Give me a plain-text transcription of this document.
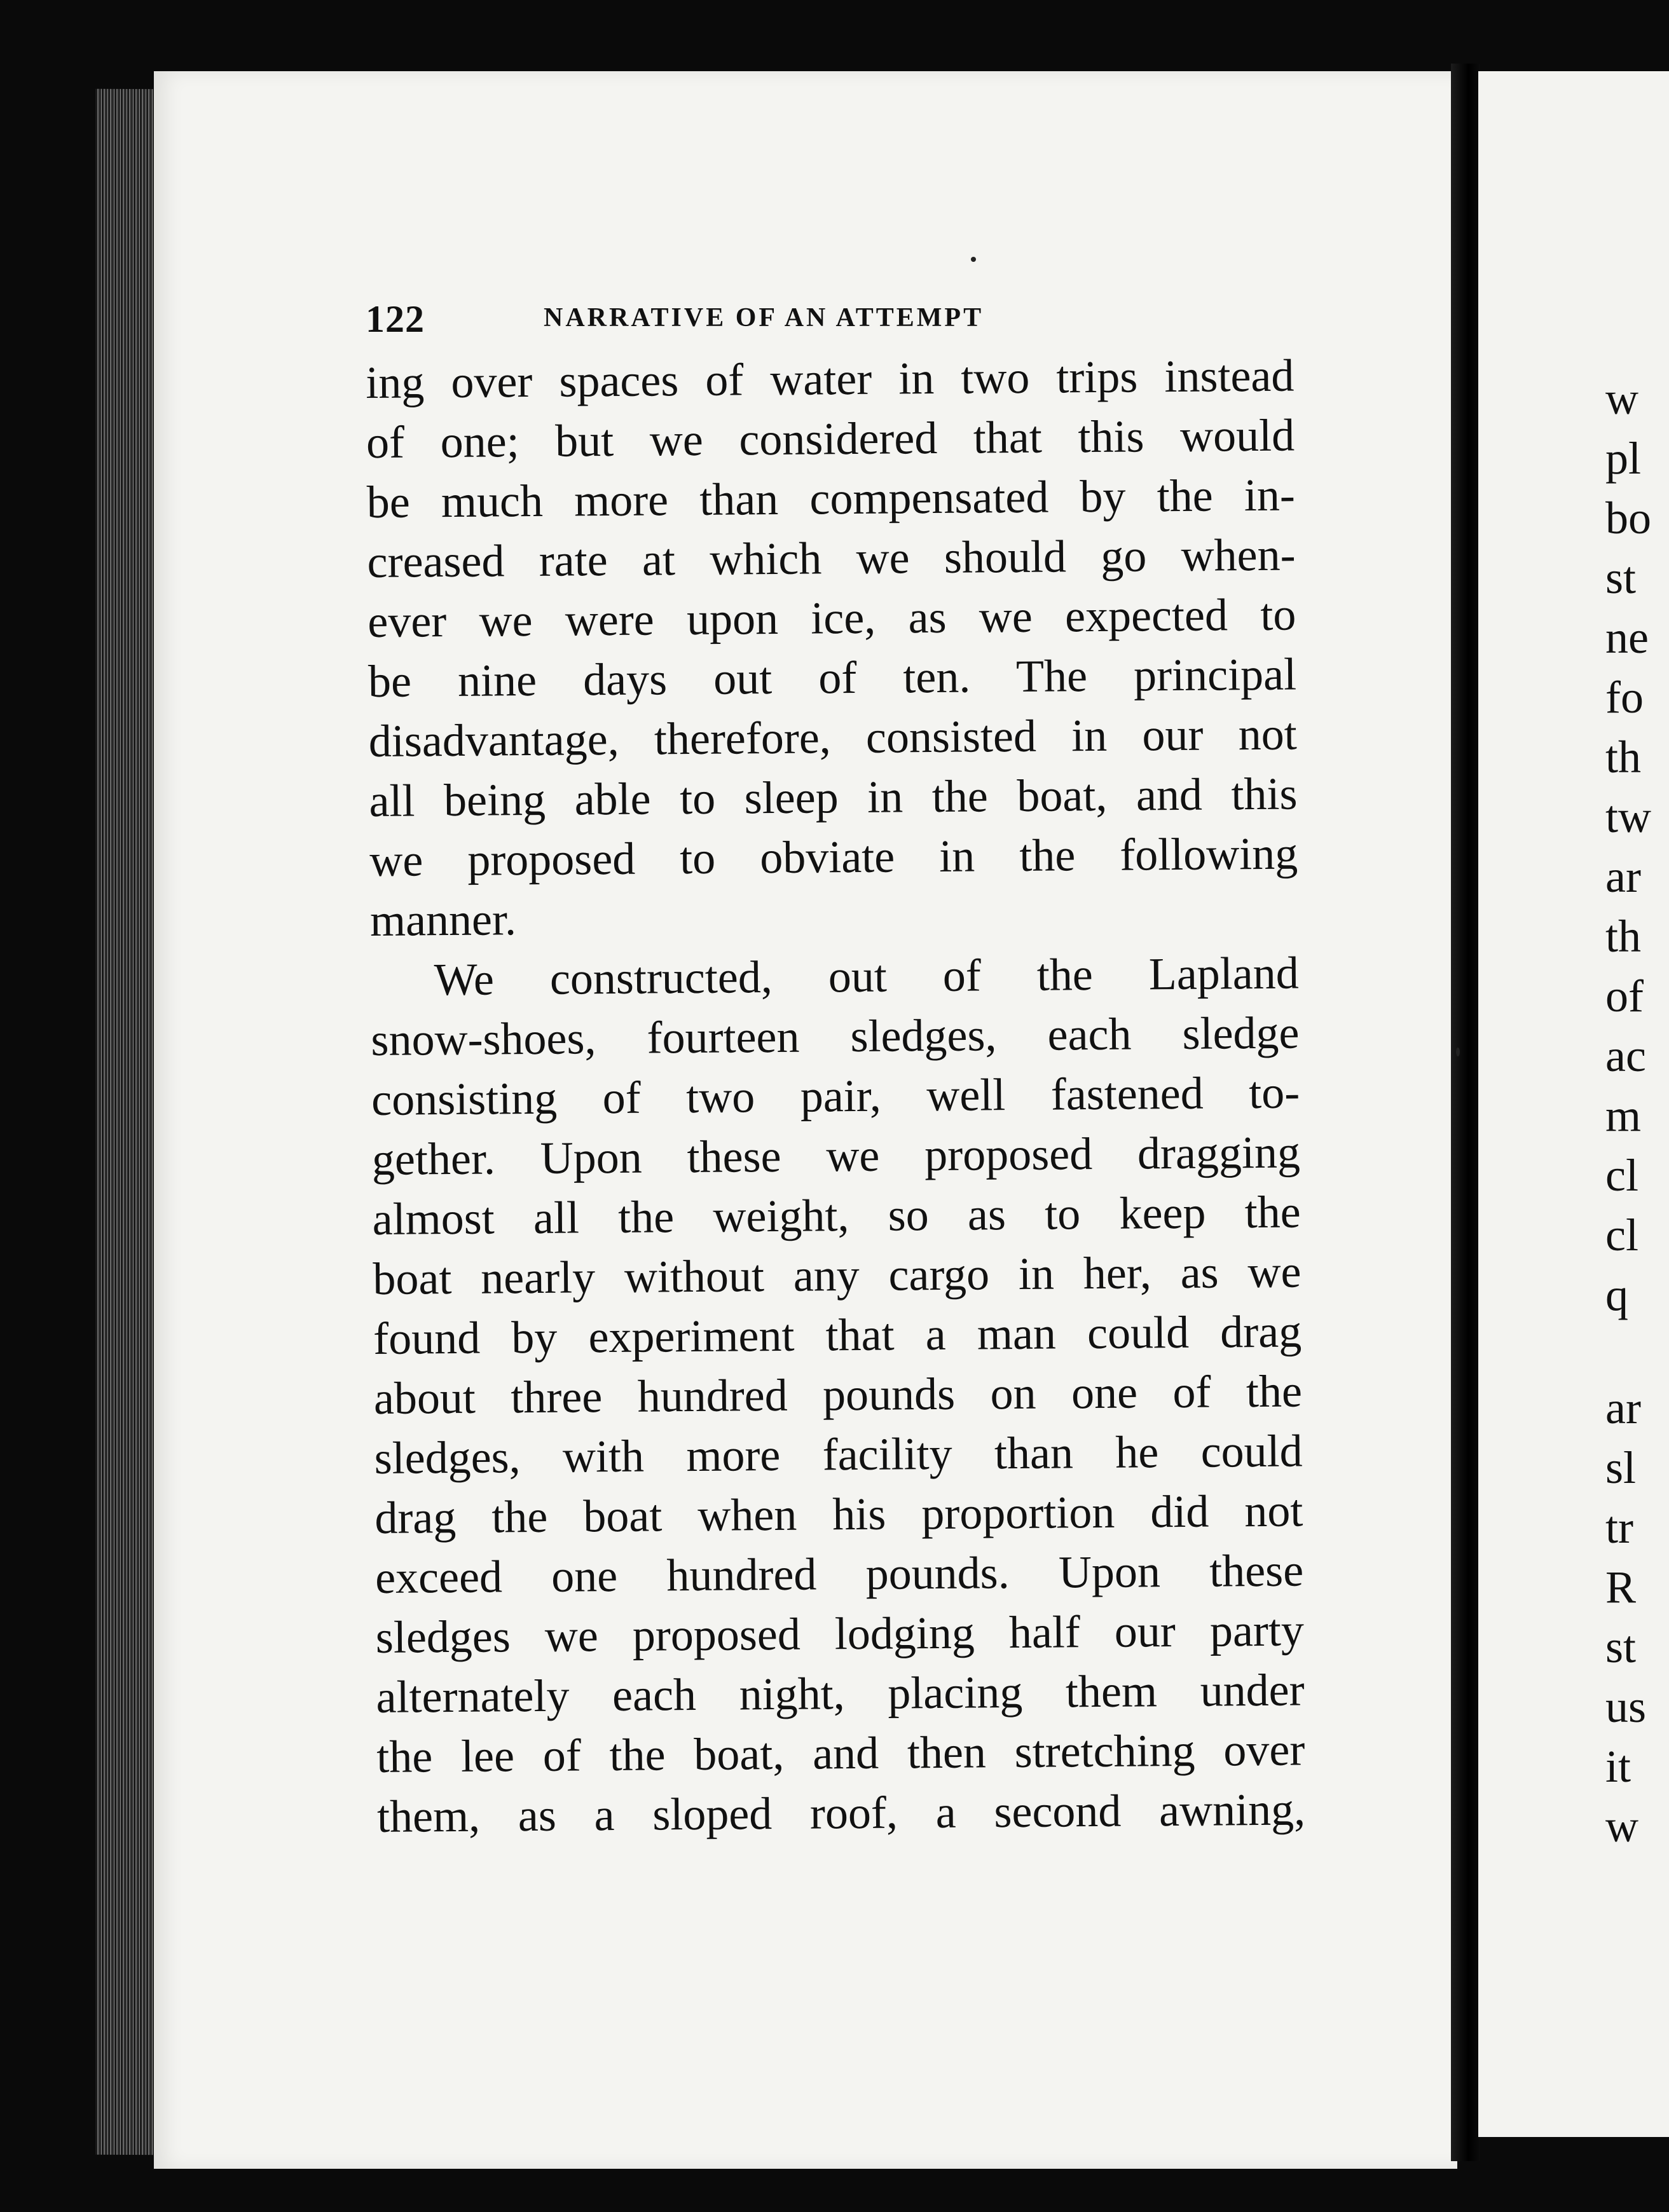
122	NARRATIVE OF AN ATTEMPT
ing over spaces of water in two trips instead
of one; but we considered that this would
be much more than compensated by the in-
creased rate at which we should go when-
ever we were upon ice, as we expected to
be nine days out of ten. The principal
disadvantage, therefore, consisted in our not
all being able to sleep in the boat, and this
we proposed to obviate in the following
manner.
We constructed, out of the Lapland
snow-shoes, fourteen sledges, each sledge
consisting of two pair, well fastened to-
gether. Upon these we proposed dragging
almost all the weight, so as to keep the
boat nearly without any cargo in her, as we
found by experiment that a man could drag
about three hundred pounds on one of the
sledges, with more facility than he could
drag the boat when his proportion did not
exceed one hundred pounds. Upon these
sledges we proposed lodging half our party
alternately each night, placing them under
the lee of the boat, and then stretching over
them, as a sloped roof, a second awning,
w
pl
bo
st
ne
fo
th
tw
ar
th
of
ac
m
cl
cl
q
ar
sl
tr
R
st
us
it
w
